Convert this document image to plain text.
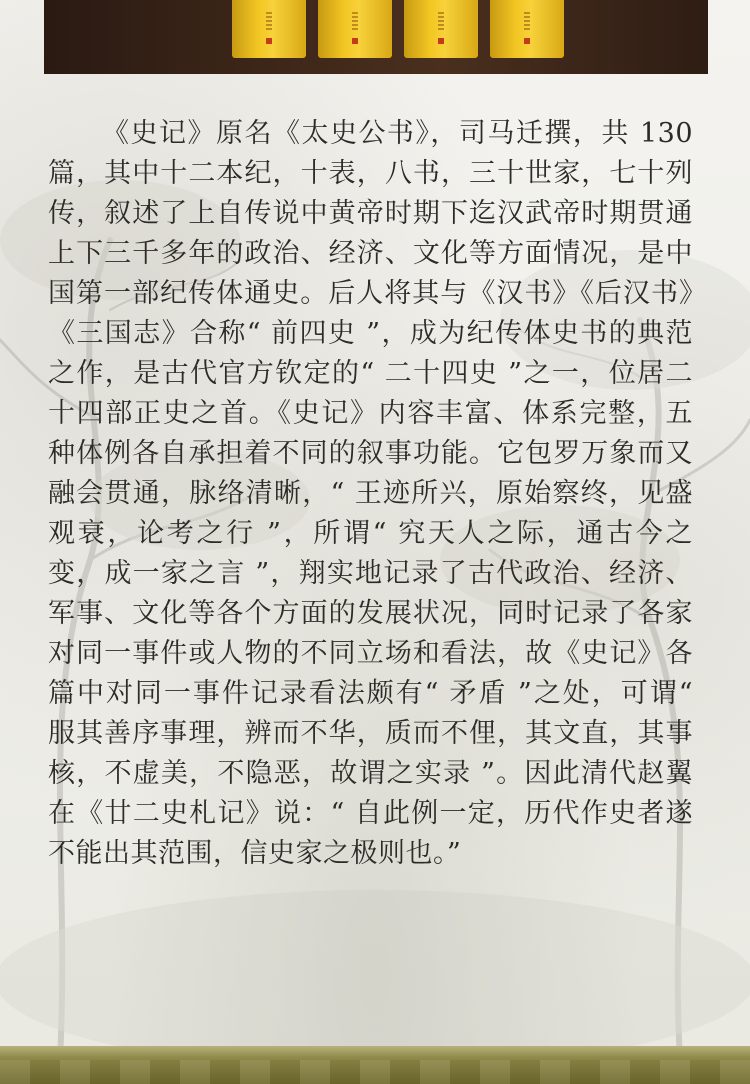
《史记》原名《太史公书》，司马迁撰，共 130 篇，其中十二本纪，十表，八书，三十世家，七十列传，叙述了上自传说中黄帝时期下迄汉武帝时期贯通上下三千多年的政治、经济、文化等方面情况，是中国第一部纪传体通史。后人将其与《汉书》《后汉书》《三国志》合称“ 前四史 ”，成为纪传体史书的典范之作，是古代官方钦定的“ 二十四史 ”之一，位居二十四部正史之首。《史记》内容丰富、体系完整，五种体例各自承担着不同的叙事功能。它包罗万象而又融会贯通，脉络清晰，“ 王迹所兴，原始察终，见盛观衰，论考之行 ”，所谓“ 究天人之际，通古今之变，成一家之言 ”，翔实地记录了古代政治、经济、军事、文化等各个方面的发展状况，同时记录了各家对同一事件或人物的不同立场和看法，故《史记》各篇中对同一事件记录看法颇有“ 矛盾 ”之处，可谓“ 服其善序事理，辨而不华，质而不俚，其文直，其事核，不虚美，不隐恶，故谓之实录 ”。因此清代赵翼在《廿二史札记》说：“ 自此例一定，历代作史者遂不能出其范围，信史家之极则也。”
